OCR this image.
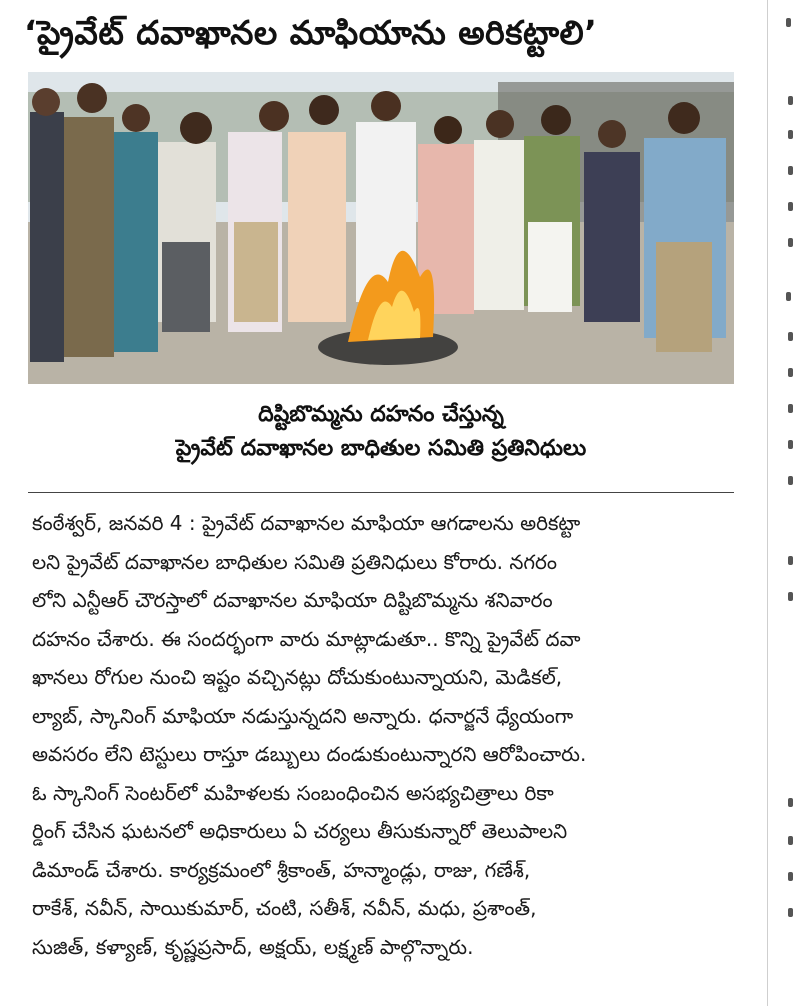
‘ప్రైవేట్ దవాఖానల మాఫియాను అరికట్టాలి’
దిష్టిబొమ్మను దహనం చేస్తున్న
ప్రైవేట్ దవాఖానల బాధితుల సమితి ప్రతినిధులు
కంఠేశ్వర్, జనవరి 4 : ప్రైవేట్ దవాఖానల మాఫియా ఆగడాలను అరికట్టా
లని ప్రైవేట్ దవాఖానల బాధితుల సమితి ప్రతినిధులు కోరారు. నగరం
లోని ఎన్టీఆర్ చౌరస్తాలో దవాఖానల మాఫియా దిష్టిబొమ్మను శనివారం
దహనం చేశారు. ఈ సందర్భంగా వారు మాట్లాడుతూ.. కొన్ని ప్రైవేట్ దవా
ఖానలు రోగుల నుంచి ఇష్టం వచ్చినట్లు దోచుకుంటున్నాయని, మెడికల్,
ల్యాబ్, స్కానింగ్ మాఫియా నడుస్తున్నదని అన్నారు. ధనార్జనే ధ్యేయంగా
అవసరం లేని టెస్టులు రాస్తూ డబ్బులు దండుకుంటున్నారని ఆరోపించారు.
ఓ స్కానింగ్ సెంటర్‌లో మహిళలకు సంబంధించిన అసభ్యచిత్రాలు రికా
ర్డింగ్ చేసిన ఘటనలో అధికారులు ఏ చర్యలు తీసుకున్నారో తెలుపాలని
డిమాండ్ చేశారు. కార్యక్రమంలో శ్రీకాంత్, హన్మాండ్లు, రాజు, గణేశ్,
రాకేశ్, నవీన్, సాయికుమార్, చంటి, సతీశ్, నవీన్, మధు, ప్రశాంత్,
సుజిత్, కళ్యాణ్, కృష్ణప్రసాద్, అక్షయ్, లక్ష్మణ్ పాల్గొన్నారు.
